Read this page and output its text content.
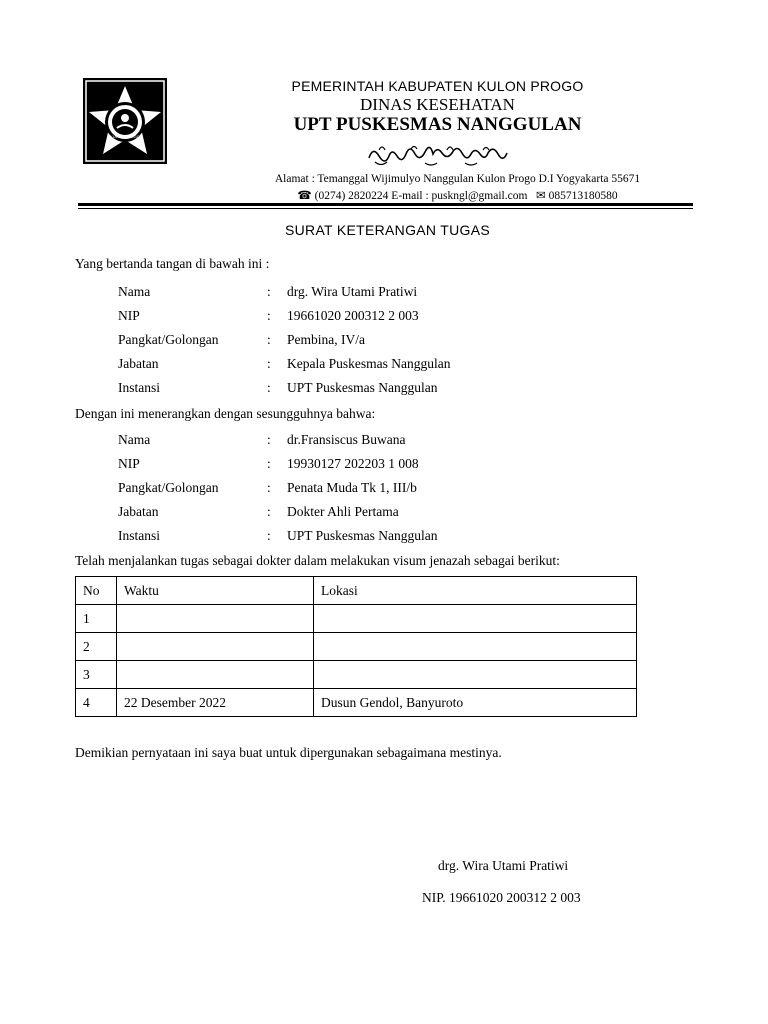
KULON PROGO
PEMERINTAH KABUPATEN KULON PROGO
DINAS KESEHATAN
UPT PUSKESMAS NANGGULAN
Alamat : Temanggal Wijimulyo Nanggulan Kulon Progo D.I Yogyakarta 55671
☎ (0274) 2820224 E-mail : puskngl@gmail.com ✉ 085713180580
SURAT KETERANGAN TUGAS
Yang bertanda tangan di bawah ini :
Nama	: drg. Wira Utami Pratiwi
NIP	: 19661020 200312 2 003
Pangkat/Golongan	: Pembina, IV/a
Jabatan	: Kepala Puskesmas Nanggulan
Instansi	: UPT Puskesmas Nanggulan
Dengan ini menerangkan dengan sesungguhnya bahwa:
Nama	: dr.Fransiscus Buwana
NIP	: 19930127 202203 1 008
Pangkat/Golongan	: Penata Muda Tk 1, III/b
Jabatan	: Dokter Ahli Pertama
Instansi	: UPT Puskesmas Nanggulan
Telah menjalankan tugas sebagai dokter dalam melakukan visum jenazah sebagai berikut:
No	Waktu	Lokasi
1		
2		
3		
4	22 Desember 2022	Dusun Gendol, Banyuroto
Demikian pernyataan ini saya buat untuk dipergunakan sebagaimana mestinya.
drg. Wira Utami Pratiwi
NIP. 19661020 200312 2 003
